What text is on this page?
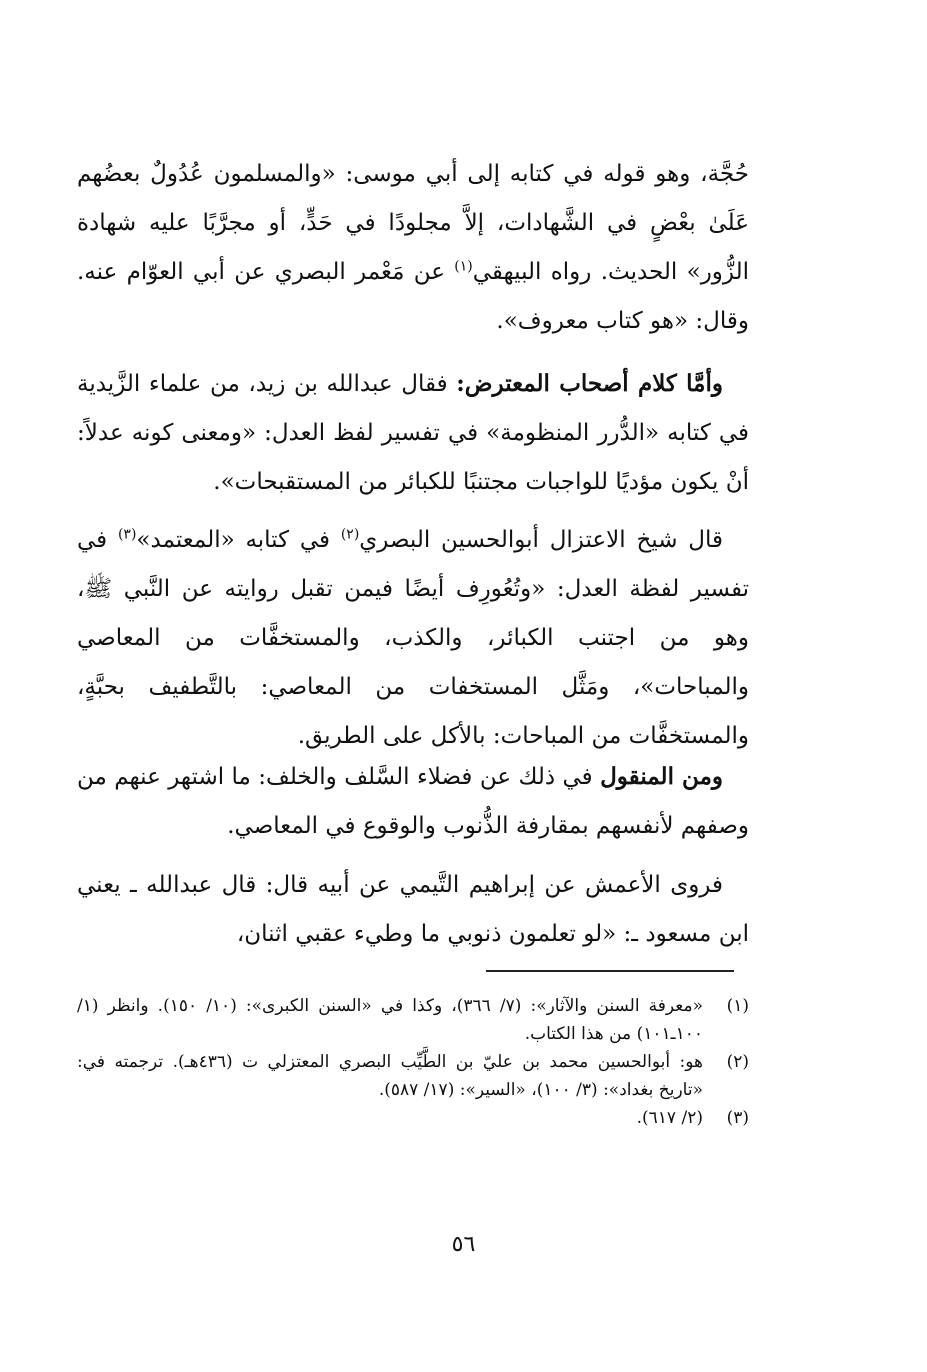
حُجَّة، وهو قوله في كتابه إلى أبي موسى: «والمسلمون عُدُولٌ بعضُهم عَلَىٰ بعْضٍ في الشَّهادات، إلاَّ مجلودًا في حَدٍّ، أو مجرَّبًا عليه شهادة الزُّور» الحديث. رواه البيهقي$^{(١)}$ عن مَعْمر البصري عن أبي العوّام عنه. وقال: «هو كتاب معروف».

وأمَّا كلام أصحاب المعترض: فقال عبدالله بن زيد، من علماء الزَّيدية في كتابه «الدُّرر المنظومة» في تفسير لفظ العدل: «ومعنى كونه عدلاً: أنْ يكون مؤديًا للواجبات مجتنبًا للكبائر من المستقبحات».

قال شيخ الاعتزال أبوالحسين البصري$^{(٢)}$ في كتابه «المعتمد»$^{(٣)}$ في تفسير لفظة العدل: «وتُعُورِف أيضًا فيمن تقبل روايته عن النَّبي ﷺ، وهو من اجتنب الكبائر، والكذب، والمستخفَّات من المعاصي والمباحات»، ومَثَّل المستخفات من المعاصي: بالتَّطفيف بحبَّةٍ، والمستخفَّات من المباحات: بالأكل على الطريق.

ومن المنقول في ذلك عن فضلاء السَّلف والخلف: ما اشتهر عنهم من وصفهم لأنفسهم بمقارفة الذُّنوب والوقوع في المعاصي.

فروى الأعمش عن إبراهيم التَّيمي عن أبيه قال: قال عبدالله ـ يعني ابن مسعود ـ: «لو تعلمون ذنوبي ما وطيء عقبي اثنان،

(١)
«معرفة السنن والآثار»: (٧/ ٣٦٦)، وكذا في «السنن الكبرى»: (١٠/ ١٥٠). وانظر (١/ ١٠٠ـ١٠١) من هذا الكتاب.
(٢)
هو: أبوالحسين محمد بن عليّ بن الطَّيِّب البصري المعتزلي ت (٤٣٦هـ). ترجمته في: «تاريخ بغداد»: (٣/ ١٠٠)، «السير»: (١٧/ ٥٨٧).
(٣)
(٢/ ٦١٧).
٥٦
